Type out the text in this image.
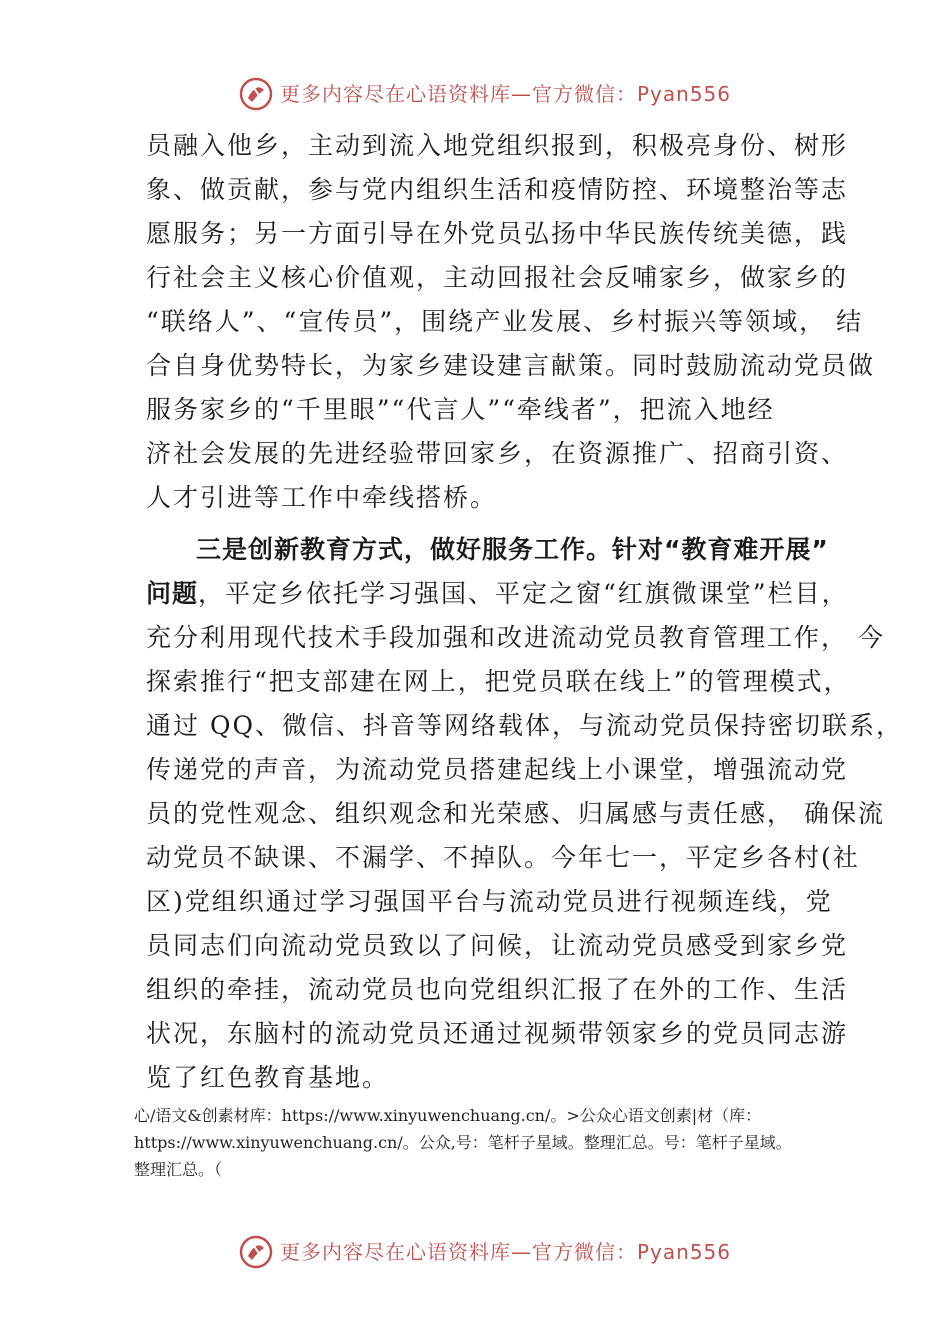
更多内容尽在心语资料库—官方微信：Pyan556
员融入他乡，主动到流入地党组织报到，积极亮身份、树形
象、做贡献，参与党内组织生活和疫情防控、环境整治等志
愿服务；另一方面引导在外党员弘扬中华民族传统美德，践
行社会主义核心价值观，主动回报社会反哺家乡，做家乡的
“联络人”、“宣传员”，围绕产业发展、乡村振兴等领域， 结
合自身优势特长，为家乡建设建言献策。同时鼓励流动党员做
服务家乡的“千里眼”“代言人”“牵线者”，把流入地经
济社会发展的先进经验带回家乡，在资源推广、招商引资、
人才引进等工作中牵线搭桥。
三是创新教育方式，做好服务工作。针对“教育难开展”
问题，平定乡依托学习强国、平定之窗“红旗微课堂”栏目，
充分利用现代技术手段加强和改进流动党员教育管理工作， 今
探索推行“把支部建在网上，把党员联在线上”的管理模式，
通过 QQ、微信、抖音等网络载体，与流动党员保持密切联系，
传递党的声音，为流动党员搭建起线上小课堂，增强流动党
员的党性观念、组织观念和光荣感、归属感与责任感， 确保流
动党员不缺课、不漏学、不掉队。今年七一，平定乡各村(社
区)党组织通过学习强国平台与流动党员进行视频连线，党
员同志们向流动党员致以了问候，让流动党员感受到家乡党
组织的牵挂，流动党员也向党组织汇报了在外的工作、生活
状况，东脑村的流动党员还通过视频带领家乡的党员同志游
览了红色教育基地。
心/语文&创素材库：https://www.xinyuwenchuang.cn/。>公众心语文创素|材（库：
https://www.xinyuwenchuang.cn/。公众,号：笔杆子星域。整理汇总。号：笔杆子星域。
整理汇总。（
更多内容尽在心语资料库—官方微信：Pyan556
